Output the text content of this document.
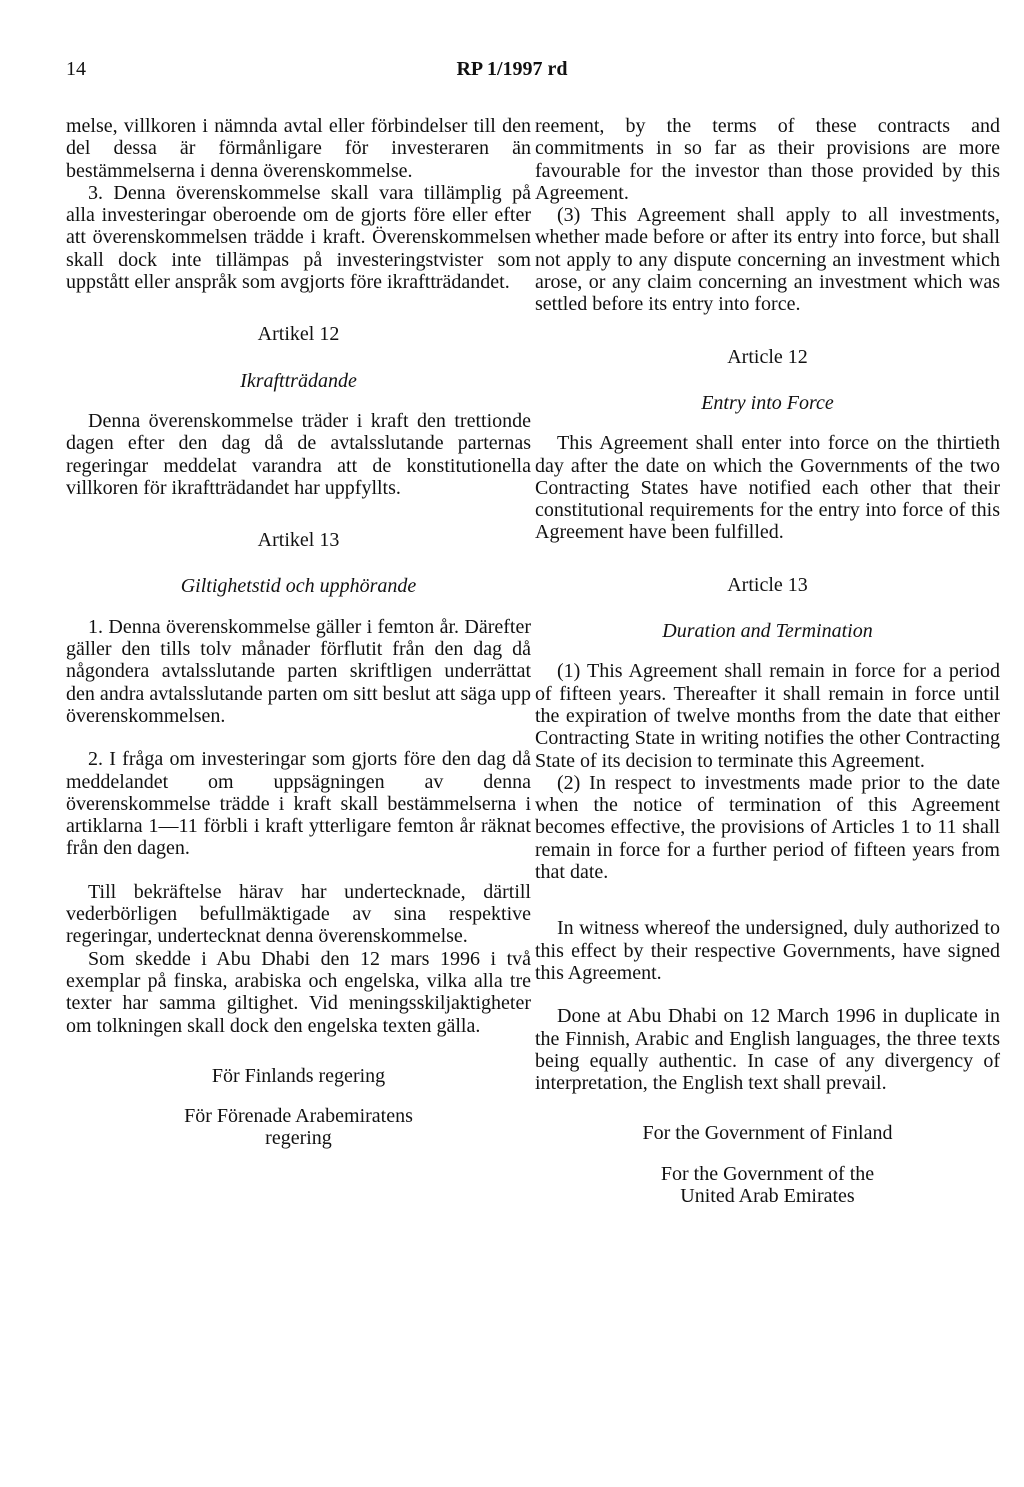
14	RP 1/1997 rd

melse, villkoren i nämnda avtal eller förbindelser till den del dessa är förmånligare för investeraren än bestämmelserna i denna överenskommelse.

3. Denna överenskommelse skall vara tillämplig på alla investeringar oberoende om de gjorts före eller efter att överenskommelsen trädde i kraft. Överenskommelsen skall dock inte tillämpas på investeringstvister som uppstått eller anspråk som avgjorts före ikraftträdandet.

Artikel 12

Ikraftträdande

Denna överenskommelse träder i kraft den trettionde dagen efter den dag då de avtalsslutande parternas regeringar meddelat varandra att de konstitutionella villkoren för ikraftträdandet har uppfyllts.

Artikel 13

Giltighetstid och upphörande

1. Denna överenskommelse gäller i femton år. Därefter gäller den tills tolv månader förflutit från den dag då någondera avtalsslutande parten skriftligen underrättat den andra avtalsslutande parten om sitt beslut att säga upp överenskommelsen.

2. I fråga om investeringar som gjorts före den dag då meddelandet om uppsägningen av denna överenskommelse trädde i kraft skall bestämmelserna i artiklarna 1—11 förbli i kraft ytterligare femton år räknat från den dagen.

Till bekräftelse härav har undertecknade, därtill vederbörligen befullmäktigade av sina respektive regeringar, undertecknat denna överenskommelse.

Som skedde i Abu Dhabi den 12 mars 1996 i två exemplar på finska, arabiska och engelska, vilka alla tre texter har samma giltighet. Vid meningsskiljaktigheter om tolkningen skall dock den engelska texten gälla.

För Finlands regering

För Förenade Arabemiratens
regering

reement, by the terms of these contracts and commitments in so far as their provisions are more favourable for the investor than those provided by this Agreement.

(3) This Agreement shall apply to all investments, whether made before or after its entry into force, but shall not apply to any dispute concerning an investment which arose, or any claim concerning an investment which was settled before its entry into force.

Article 12

Entry into Force

This Agreement shall enter into force on the thirtieth day after the date on which the Governments of the two Contracting States have notified each other that their constitutional requirements for the entry into force of this Agreement have been fulfilled.

Article 13

Duration and Termination

(1) This Agreement shall remain in force for a period of fifteen years. Thereafter it shall remain in force until the expiration of twelve months from the date that either Contracting State in writing notifies the other Contracting State of its decision to terminate this Agreement.

(2) In respect to investments made prior to the date when the notice of termination of this Agreement becomes effective, the provisions of Articles 1 to 11 shall remain in force for a further period of fifteen years from that date.

In witness whereof the undersigned, duly authorized to this effect by their respective Governments, have signed this Agreement.

Done at Abu Dhabi on 12 March 1996 in duplicate in the Finnish, Arabic and English languages, the three texts being equally authentic. In case of any divergency of interpretation, the English text shall prevail.

For the Government of Finland

For the Government of the
United Arab Emirates
